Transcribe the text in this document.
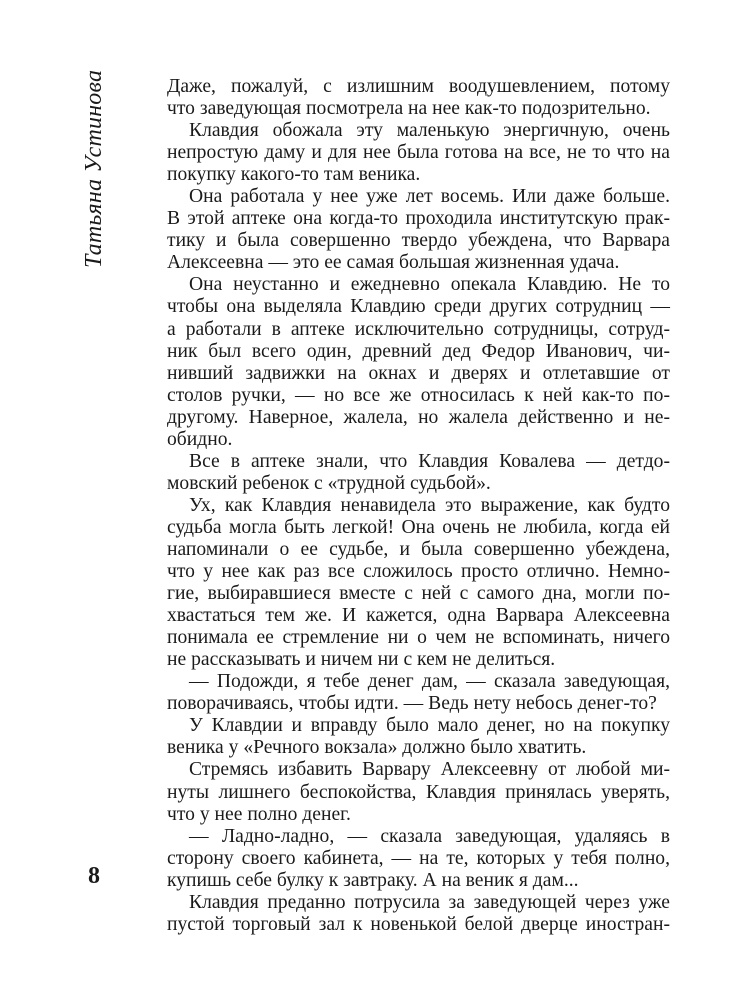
Татьяна Устинова
8
Даже, пожалуй, с излишним воодушевлением, потому
что заведующая посмотрела на нее как-то подозрительно.
Клавдия обожала эту маленькую энергичную, очень
непростую даму и для нее была готова на все, не то что на
покупку какого-то там веника.
Она работала у нее уже лет восемь. Или даже больше.
В этой аптеке она когда-то проходила институтскую прак-
тику и была совершенно твердо убеждена, что Варвара
Алексеевна — это ее самая большая жизненная удача.
Она неустанно и ежедневно опекала Клавдию. Не то
чтобы она выделяла Клавдию среди других сотрудниц —
а работали в аптеке исключительно сотрудницы, сотруд-
ник был всего один, древний дед Федор Иванович, чи-
нивший задвижки на окнах и дверях и отлетавшие от
столов ручки, — но все же относилась к ней как-то по-
другому. Наверное, жалела, но жалела действенно и не-
обидно.
Все в аптеке знали, что Клавдия Ковалева — детдо-
мовский ребенок с «трудной судьбой».
Ух, как Клавдия ненавидела это выражение, как будто
судьба могла быть легкой! Она очень не любила, когда ей
напоминали о ее судьбе, и была совершенно убеждена,
что у нее как раз все сложилось просто отлично. Немно-
гие, выбиравшиеся вместе с ней с самого дна, могли по-
хвастаться тем же. И кажется, одна Варвара Алексеевна
понимала ее стремление ни о чем не вспоминать, ничего
не рассказывать и ничем ни с кем не делиться.
— Подожди, я тебе денег дам, — сказала заведующая,
поворачиваясь, чтобы идти. — Ведь нету небось денег-то?
У Клавдии и вправду было мало денег, но на покупку
веника у «Речного вокзала» должно было хватить.
Стремясь избавить Варвару Алексеевну от любой ми-
нуты лишнего беспокойства, Клавдия принялась уверять,
что у нее полно денег.
— Ладно-ладно, — сказала заведующая, удаляясь в
сторону своего кабинета, — на те, которых у тебя полно,
купишь себе булку к завтраку. А на веник я дам...
Клавдия преданно потрусила за заведующей через уже
пустой торговый зал к новенькой белой дверце иностран-
